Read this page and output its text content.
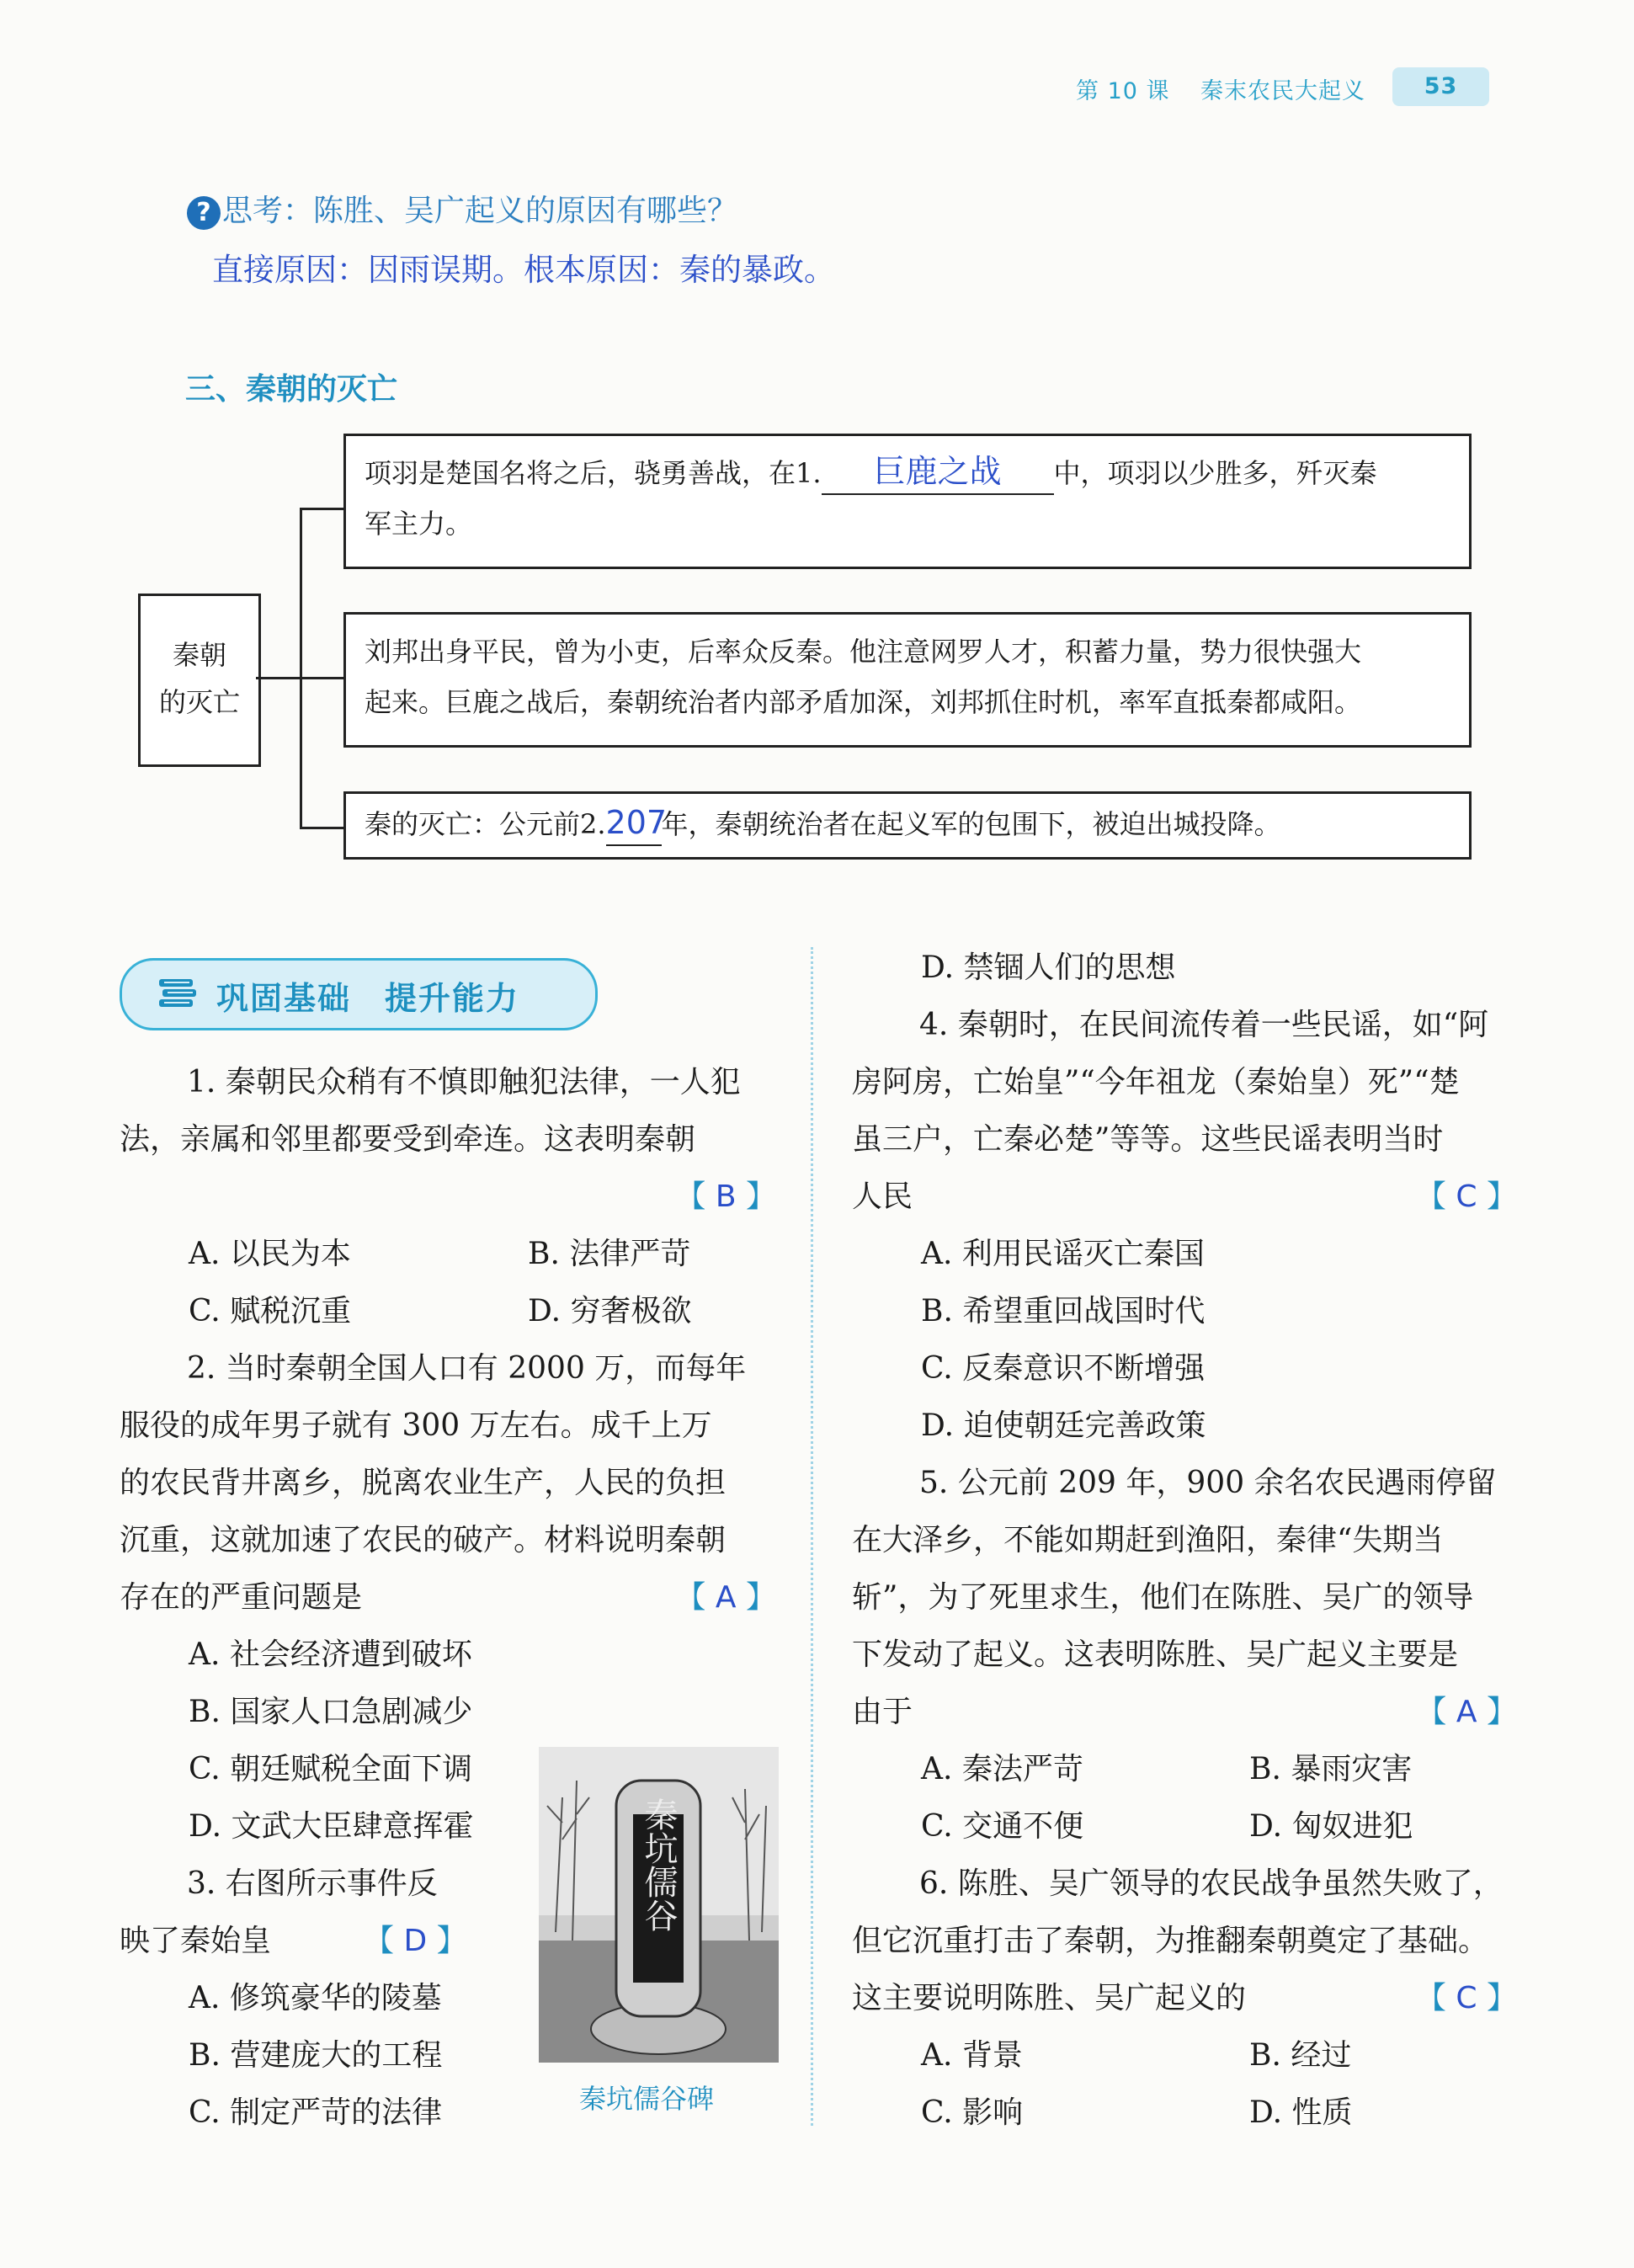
第 10 课 秦末农民大起义	53
? 思考：陈胜、吴广起义的原因有哪些？
直接原因：因雨误期。根本原因：秦的暴政。
三、秦朝的灭亡
秦朝
的灭亡
项羽是楚国名将之后，骁勇善战，在1. 巨鹿之战 中，项羽以少胜多，歼灭秦
军主力。
刘邦出身平民，曾为小吏，后率众反秦。他注意网罗人才，积蓄力量，势力很快强大
起来。巨鹿之战后，秦朝统治者内部矛盾加深，刘邦抓住时机，率军直抵秦都咸阳。
秦的灭亡：公元前2.207年，秦朝统治者在起义军的包围下，被迫出城投降。
巩固基础　提升能力

1. 秦朝民众稍有不慎即触犯法律，一人犯

法，亲属和邻里都要受到牵连。这表明秦朝

【 B 】

A. 以民为本	B. 法律严苛

C. 赋税沉重	D. 穷奢极欲

2. 当时秦朝全国人口有 2000 万，而每年

服役的成年男子就有 300 万左右。成千上万

的农民背井离乡，脱离农业生产，人民的负担

沉重，这就加速了农民的破产。材料说明秦朝

存在的严重问题是	【 A 】

A. 社会经济遭到破坏

B. 国家人口急剧减少

C. 朝廷赋税全面下调

D. 文武大臣肆意挥霍

3. 右图所示事件反

映了秦始皇	【 D 】

A. 修筑豪华的陵墓

B. 营建庞大的工程

C. 制定严苛的法律

秦坑儒谷
秦坑儒谷碑

D. 禁锢人们的思想

4. 秦朝时，在民间流传着一些民谣，如“阿

房阿房，亡始皇”“今年祖龙（秦始皇）死”“楚

虽三户，亡秦必楚”等等。这些民谣表明当时

人民	【 C 】

A. 利用民谣灭亡秦国

B. 希望重回战国时代

C. 反秦意识不断增强

D. 迫使朝廷完善政策

5. 公元前 209 年，900 余名农民遇雨停留

在大泽乡，不能如期赶到渔阳，秦律“失期当

斩”，为了死里求生，他们在陈胜、吴广的领导

下发动了起义。这表明陈胜、吴广起义主要是

由于	【 A 】

A. 秦法严苛	B. 暴雨灾害

C. 交通不便	D. 匈奴进犯

6. 陈胜、吴广领导的农民战争虽然失败了，

但它沉重打击了秦朝，为推翻秦朝奠定了基础。

这主要说明陈胜、吴广起义的	【 C 】

A. 背景	B. 经过

C. 影响	D. 性质
